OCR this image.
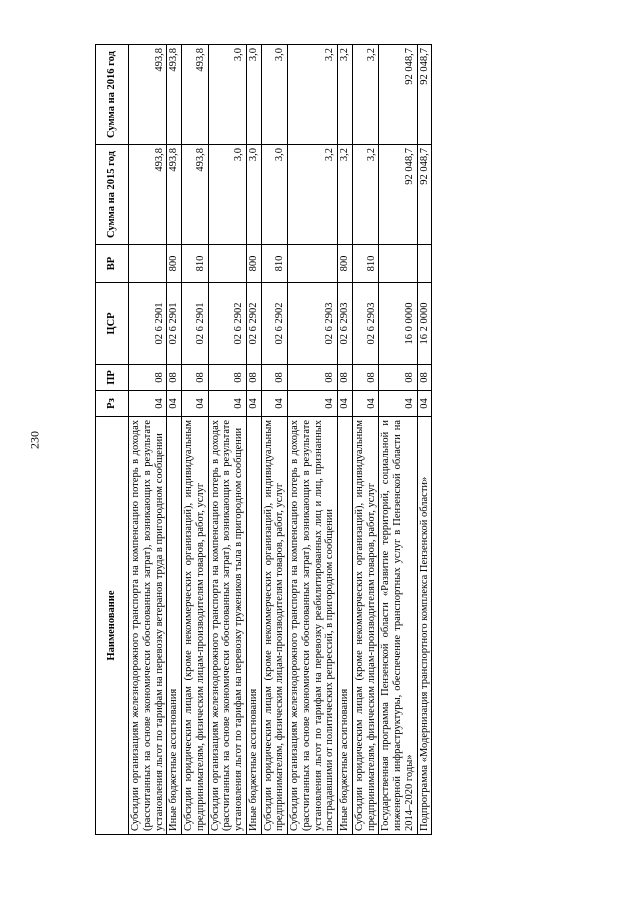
230
Наименование	Рз	ПР	ЦСР	ВР	Сумма на 2015 год	Сумма на 2016 год
Субсидии организациям железнодорожного транспорта на компенсацию потерь в доходах (рассчитанных на основе экономически обоснованных затрат), возникающих в результате установления льгот по тарифам на перевозку ветеранов труда в пригородном сообщении	04	08	02 6 2901		493,8	493,8
Иные бюджетные ассигнования	04	08	02 6 2901	800	493,8	493,8
Субсидии юридическим лицам (кроме некоммерческих организаций), индивидуальным предпринимателям, физическим лицам-производителям товаров, работ, услуг	04	08	02 6 2901	810	493,8	493,8
Субсидии организациям железнодорожного транспорта на компенсацию потерь в доходах (рассчитанных на основе экономически обоснованных затрат), возникающих в результате установления льгот по тарифам на перевозку тружеников тыла в пригородном сообщении	04	08	02 6 2902		3,0	3,0
Иные бюджетные ассигнования	04	08	02 6 2902	800	3,0	3,0
Субсидии юридическим лицам (кроме некоммерческих организаций), индивидуальным предпринимателям, физическим лицам-производителям товаров, работ, услуг	04	08	02 6 2902	810	3,0	3,0
Субсидии организациям железнодорожного транспорта на компенсацию потерь в доходах (рассчитанных на основе экономически обоснованных затрат), возникающих в результате установления льгот по тарифам на перевозку реабилитированных лиц и лиц, признанных пострадавшими от политических репрессий, в пригородном сообщении	04	08	02 6 2903		3,2	3,2
Иные бюджетные ассигнования	04	08	02 6 2903	800	3,2	3,2
Субсидии юридическим лицам (кроме некоммерческих организаций), индивидуальным предпринимателям, физическим лицам-производителям товаров, работ, услуг	04	08	02 6 2903	810	3,2	3,2
Государственная программа Пензенской области «Развитие территорий, социальной и инженерной инфраструктуры, обеспечение транспортных услуг в Пензенской области на 2014–2020 годы»	04	08	16 0 0000		92 048,7	92 048,7
Подпрограмма «Модернизация транспортного комплекса Пензенской области»	04	08	16 2 0000		92 048,7	92 048,7
